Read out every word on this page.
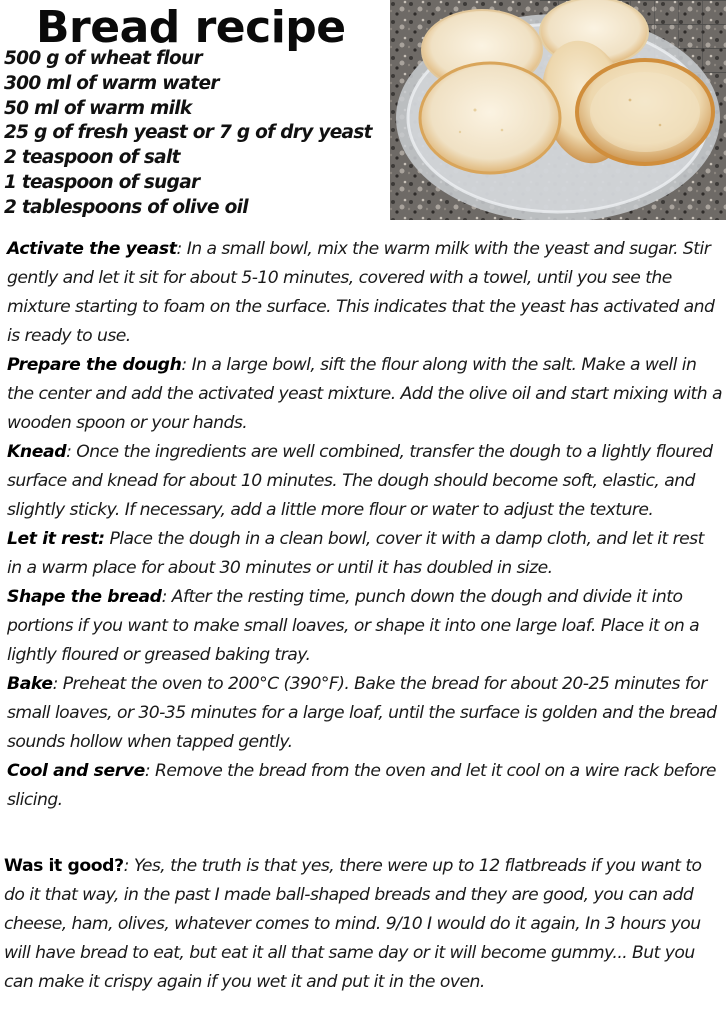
Bread recipe
500 g of wheat flour
300 ml of warm water
50 ml of warm milk
25 g of fresh yeast or 7 g of dry yeast
2 teaspoon of salt
1 teaspoon of sugar
2 tablespoons of olive oil

Activate the yeast: In a small bowl, mix the warm milk with the yeast and sugar. Stir gently and let it sit for about 5-10 minutes, covered with a towel, until you see the mixture starting to foam on the surface. This indicates that the yeast has activated and is ready to use.

Prepare the dough: In a large bowl, sift the flour along with the salt. Make a well in the center and add the activated yeast mixture. Add the olive oil and start mixing with a wooden spoon or your hands.

Knead: Once the ingredients are well combined, transfer the dough to a lightly floured surface and knead for about 10 minutes. The dough should become soft, elastic, and slightly sticky. If necessary, add a little more flour or water to adjust the texture.

Let it rest: Place the dough in a clean bowl, cover it with a damp cloth, and let it rest in a warm place for about 30 minutes or until it has doubled in size.

Shape the bread: After the resting time, punch down the dough and divide it into portions if you want to make small loaves, or shape it into one large loaf. Place it on a lightly floured or greased baking tray.

Bake: Preheat the oven to 200°C (390°F). Bake the bread for about 20-25 minutes for small loaves, or 30-35 minutes for a large loaf, until the surface is golden and the bread sounds hollow when tapped gently.

Cool and serve: Remove the bread from the oven and let it cool on a wire rack before slicing.

Was it good?: Yes, the truth is that yes, there were up to 12 flatbreads if you want to do it that way, in the past I made ball-shaped breads and they are good, you can add cheese, ham, olives, whatever comes to mind. 9/10 I would do it again, In 3 hours you will have bread to eat, but eat it all that same day or it will become gummy... But you can make it crispy again if you wet it and put it in the oven.
